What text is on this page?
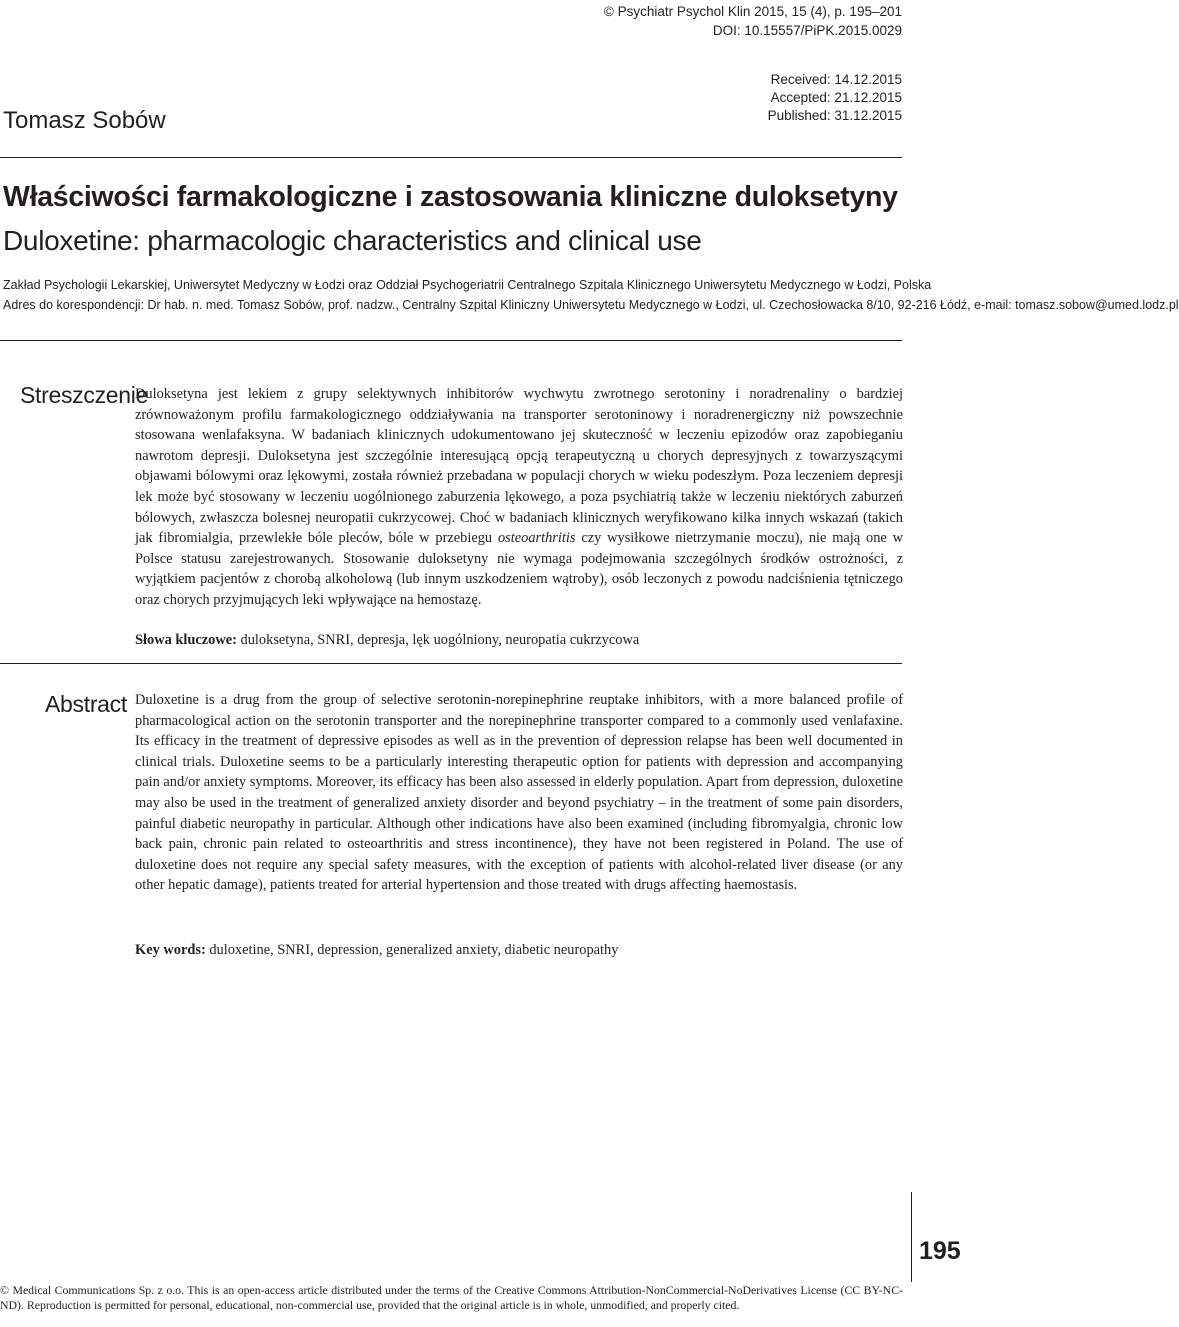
© Psychiatr Psychol Klin 2015, 15 (4), p. 195–201
DOI: 10.15557/PiPK.2015.0029
Tomasz Sobów
Received: 14.12.2015
Accepted: 21.12.2015
Published: 31.12.2015
Właściwości farmakologiczne i zastosowania kliniczne duloksetyny
Duloxetine: pharmacologic characteristics and clinical use
Zakład Psychologii Lekarskiej, Uniwersytet Medyczny w Łodzi oraz Oddział Psychogeriatrii Centralnego Szpitala Klinicznego Uniwersytetu Medycznego w Łodzi, Polska
Adres do korespondencji: Dr hab. n. med. Tomasz Sobów, prof. nadzw., Centralny Szpital Kliniczny Uniwersytetu Medycznego w Łodzi, ul. Czechosłowacka 8/10, 92-216 Łódź, e-mail: tomasz.sobow@umed.lodz.pl
Streszczenie
Duloksetyna jest lekiem z grupy selektywnych inhibitorów wychwytu zwrotnego serotoniny i noradrenaliny o bardziej zrównoważonym profilu farmakologicznego oddziaływania na transporter serotoninowy i noradrenergiczny niż powszechnie stosowana wenlafaksyna. W badaniach klinicznych udokumentowano jej skuteczność w leczeniu epizodów oraz zapobieganiu nawrotom depresji. Duloksetyna jest szczególnie interesującą opcją terapeutyczną u chorych depresyjnych z towarzyszącymi objawami bólowymi oraz lękowymi, została również przebadana w populacji chorych w wieku podeszłym. Poza leczeniem depresji lek może być stosowany w leczeniu uogólnionego zaburzenia lękowego, a poza psychiatrią także w leczeniu niektórych zaburzeń bólowych, zwłaszcza bolesnej neuropatii cukrzycowej. Choć w badaniach klinicznych weryfikowano kilka innych wskazań (takich jak fibromialgia, przewlekłe bóle pleców, bóle w przebiegu osteoarthritis czy wysiłkowe nietrzymanie moczu), nie mają one w Polsce statusu zarejestrowanych. Stosowanie duloksetyny nie wymaga podejmowania szczególnych środków ostrożności, z wyjątkiem pacjentów z chorobą alkoholową (lub innym uszkodzeniem wątroby), osób leczonych z powodu nadciśnienia tętniczego oraz chorych przyjmujących leki wpływające na hemostazę.
Słowa kluczowe: duloksetyna, SNRI, depresja, lęk uogólniony, neuropatia cukrzycowa
Abstract Duloxetine is a drug from the group of selective serotonin-norepinephrine reuptake inhibitors, with a more balanced profile of pharmacological action on the serotonin transporter and the norepinephrine transporter compared to a commonly used venlafaxine. Its efficacy in the treatment of depressive episodes as well as in the prevention of depression relapse has been well documented in clinical trials. Duloxetine seems to be a particularly interesting therapeutic option for patients with depression and accompanying pain and/or anxiety symptoms. Moreover, its efficacy has been also assessed in elderly population. Apart from depression, duloxetine may also be used in the treatment of generalized anxiety disorder and beyond psychiatry – in the treatment of some pain disorders, painful diabetic neuropathy in particular. Although other indications have also been examined (including fibromyalgia, chronic low back pain, chronic pain related to osteoarthritis and stress incontinence), they have not been registered in Poland. The use of duloxetine does not require any special safety measures, with the exception of patients with alcohol-related liver disease (or any other hepatic damage), patients treated for arterial hypertension and those treated with drugs affecting haemostasis.
Key words: duloxetine, SNRI, depression, generalized anxiety, diabetic neuropathy
195
© Medical Communications Sp. z o.o. This is an open-access article distributed under the terms of the Creative Commons Attribution-NonCommercial-NoDerivatives License (CC BY-NC-ND). Reproduction is permitted for personal, educational, non-commercial use, provided that the original article is in whole, unmodified, and properly cited.
